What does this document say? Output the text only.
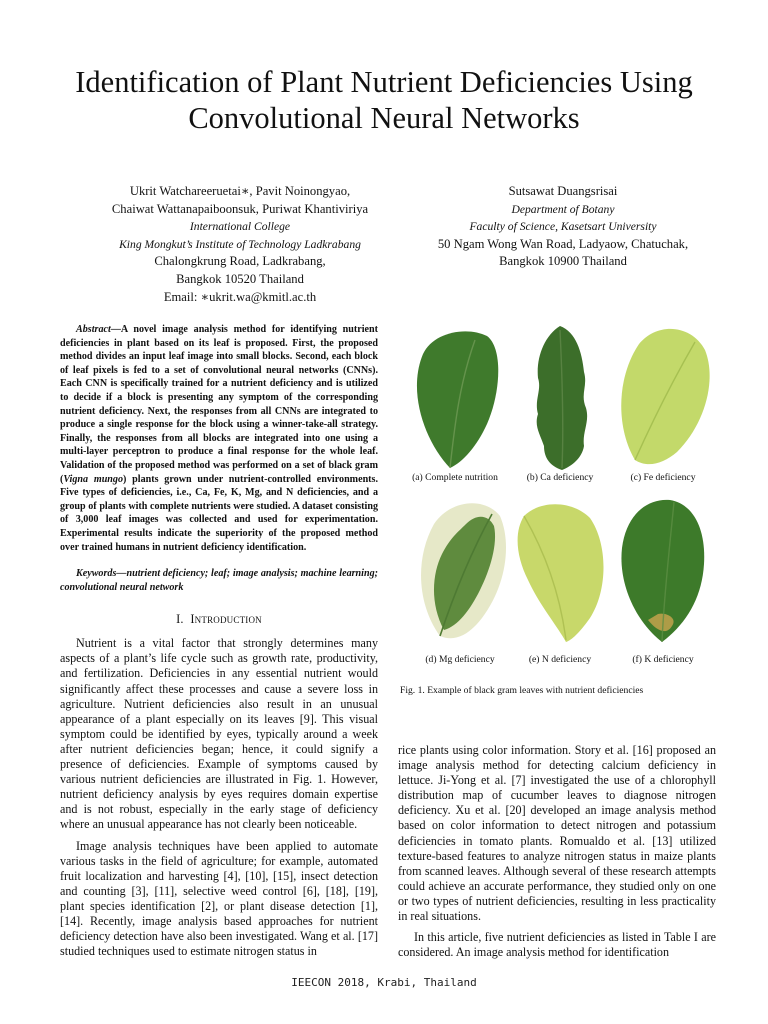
Identification of Plant Nutrient Deficiencies Using
Convolutional Neural Networks
Ukrit Watchareeruetai∗, Pavit Noinongyao,
Chaiwat Wattanapaiboonsuk, Puriwat Khantiviriya
International College
King Mongkut’s Institute of Technology Ladkrabang
Chalongkrung Road, Ladkrabang,
Bangkok 10520 Thailand
Email: ∗ukrit.wa@kmitl.ac.th
Sutsawat Duangsrisai
Department of Botany
Faculty of Science, Kasetsart University
50 Ngam Wong Wan Road, Ladyaow, Chatuchak,
Bangkok 10900 Thailand

Abstract—A novel image analysis method for identifying nutrient deficiencies in plant based on its leaf is proposed. First, the proposed method divides an input leaf image into small blocks. Second, each block of leaf pixels is fed to a set of convolutional neural networks (CNNs). Each CNN is specifically trained for a nutrient deficiency and is utilized to decide if a block is presenting any symptom of the corresponding nutrient deficiency. Next, the responses from all CNNs are integrated to produce a single response for the block using a winner-take-all strategy. Finally, the responses from all blocks are integrated into one using a multi-layer perceptron to produce a final response for the whole leaf. Validation of the proposed method was performed on a set of black gram (Vigna mungo) plants grown under nutrient-controlled environments. Five types of deficiencies, i.e., Ca, Fe, K, Mg, and N deficiencies, and a group of plants with complete nutrients were studied. A dataset consisting of 3,000 leaf images was collected and used for experimentation. Experimental results indicate the superiority of the proposed method over trained humans in nutrient deficiency identification.

Keywords—nutrient deficiency; leaf; image analysis; machine learning; convolutional neural network

I. Introduction

Nutrient is a vital factor that strongly determines many aspects of a plant’s life cycle such as growth rate, productivity, and fertilization. Deficiencies in any essential nutrient would significantly affect these processes and cause a severe loss in agriculture. Nutrient deficiencies also result in an unusual appearance of a plant especially on its leaves [9]. This visual symptom could be identified by eyes, typically around a week after nutrient deficiencies began; hence, it could signify a presence of deficiencies. Example of symptoms caused by various nutrient deficiencies are illustrated in Fig. 1. However, nutrient deficiency analysis by eyes requires domain expertise and is not robust, especially in the early stage of deficiency where an unusual appearance has not clearly been noticeable.

Image analysis techniques have been applied to automate various tasks in the field of agriculture; for example, automated fruit localization and harvesting [4], [10], [15], insect detection and counting [3], [11], selective weed control [6], [18], [19], plant species identification [2], or plant disease detection [1], [14]. Recently, image analysis based approaches for nutrient deficiency detection have also been investigated. Wang et al. [17] studied techniques used to estimate nitrogen status in

(a) Complete nutrition	(b) Ca deficiency	(c) Fe deficiency
(d) Mg deficiency	(e) N deficiency	(f) K deficiency
Fig. 1. Example of black gram leaves with nutrient deficiencies

rice plants using color information. Story et al. [16] proposed an image analysis method for detecting calcium deficiency in lettuce. Ji-Yong et al. [7] investigated the use of a chlorophyll distribution map of cucumber leaves to diagnose nitrogen deficiency. Xu et al. [20] developed an image analysis method based on color information to detect nitrogen and potassium deficiencies in tomato plants. Romualdo et al. [13] utilized texture-based features to analyze nitrogen status in maize plants from scanned leaves. Although several of these research attempts could achieve an accurate performance, they studied only on one or two types of nutrient deficiencies, resulting in less practicality in real situations.

In this article, five nutrient deficiencies as listed in Table I are considered. An image analysis method for identification

IEECON 2018, Krabi, Thailand
